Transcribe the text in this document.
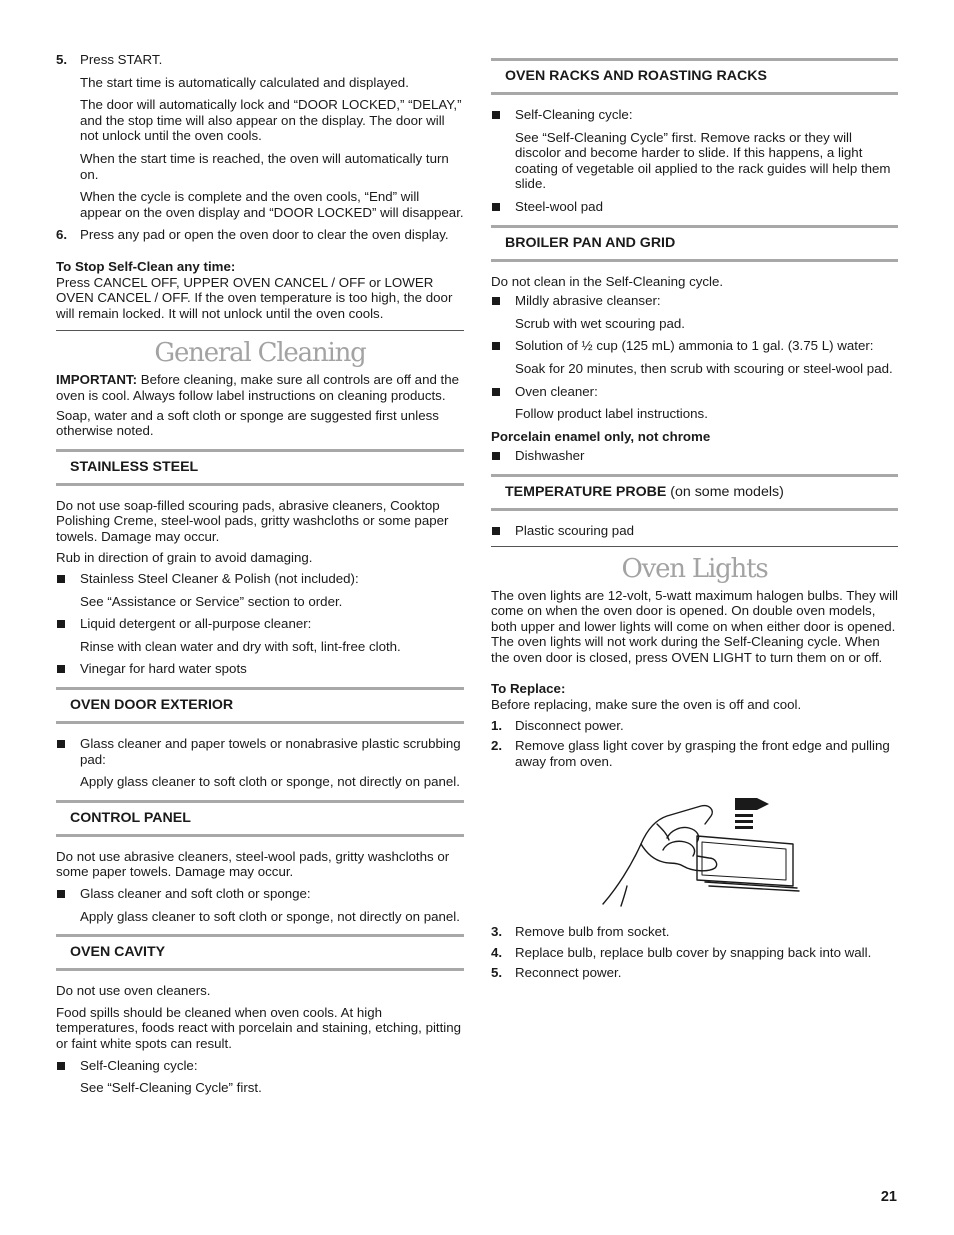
5. Press START.

The start time is automatically calculated and displayed.

The door will automatically lock and “DOOR LOCKED,” “DELAY,” and the stop time will also appear on the display. The door will not unlock until the oven cools.

When the start time is reached, the oven will automatically turn on.

When the cycle is complete and the oven cools, “End” will appear on the oven display and “DOOR LOCKED” will disappear.

6. Press any pad or open the oven door to clear the oven display.

To Stop Self-Clean any time:

Press CANCEL OFF, UPPER OVEN CANCEL / OFF or LOWER OVEN CANCEL / OFF. If the oven temperature is too high, the door will remain locked. It will not unlock until the oven cools.

General Cleaning

IMPORTANT: Before cleaning, make sure all controls are off and the oven is cool. Always follow label instructions on cleaning products.

Soap, water and a soft cloth or sponge are suggested first unless otherwise noted.

STAINLESS STEEL

Do not use soap-filled scouring pads, abrasive cleaners, Cooktop Polishing Creme, steel-wool pads, gritty washcloths or some paper towels. Damage may occur.

Rub in direction of grain to avoid damaging.

Stainless Steel Cleaner & Polish (not included):

See “Assistance or Service” section to order.

Liquid detergent or all-purpose cleaner:

Rinse with clean water and dry with soft, lint-free cloth.

Vinegar for hard water spots

OVEN DOOR EXTERIOR

Glass cleaner and paper towels or nonabrasive plastic scrubbing pad:

Apply glass cleaner to soft cloth or sponge, not directly on panel.

CONTROL PANEL

Do not use abrasive cleaners, steel-wool pads, gritty washcloths or some paper towels. Damage may occur.

Glass cleaner and soft cloth or sponge:

Apply glass cleaner to soft cloth or sponge, not directly on panel.

OVEN CAVITY

Do not use oven cleaners.

Food spills should be cleaned when oven cools. At high temperatures, foods react with porcelain and staining, etching, pitting or faint white spots can result.

Self-Cleaning cycle:

See “Self-Cleaning Cycle” first.

OVEN RACKS AND ROASTING RACKS

Self-Cleaning cycle:

See “Self-Cleaning Cycle” first. Remove racks or they will discolor and become harder to slide. If this happens, a light coating of vegetable oil applied to the rack guides will help them slide.

Steel-wool pad

BROILER PAN AND GRID

Do not clean in the Self-Cleaning cycle.

Mildly abrasive cleanser:

Scrub with wet scouring pad.

Solution of ½ cup (125 mL) ammonia to 1 gal. (3.75 L) water:

Soak for 20 minutes, then scrub with scouring or steel-wool pad.

Oven cleaner:

Follow product label instructions.

Porcelain enamel only, not chrome

Dishwasher

TEMPERATURE PROBE (on some models)

Plastic scouring pad

Oven Lights

The oven lights are 12-volt, 5-watt maximum halogen bulbs. They will come on when the oven door is opened. On double oven models, both upper and lower lights will come on when either door is opened. The oven lights will not work during the Self-Cleaning cycle. When the oven door is closed, press OVEN LIGHT to turn them on or off.

To Replace:

Before replacing, make sure the oven is off and cool.

1. Disconnect power.

2. Remove glass light cover by grasping the front edge and pulling away from oven.

3. Remove bulb from socket.

4. Replace bulb, replace bulb cover by snapping back into wall.

5. Reconnect power.

21
